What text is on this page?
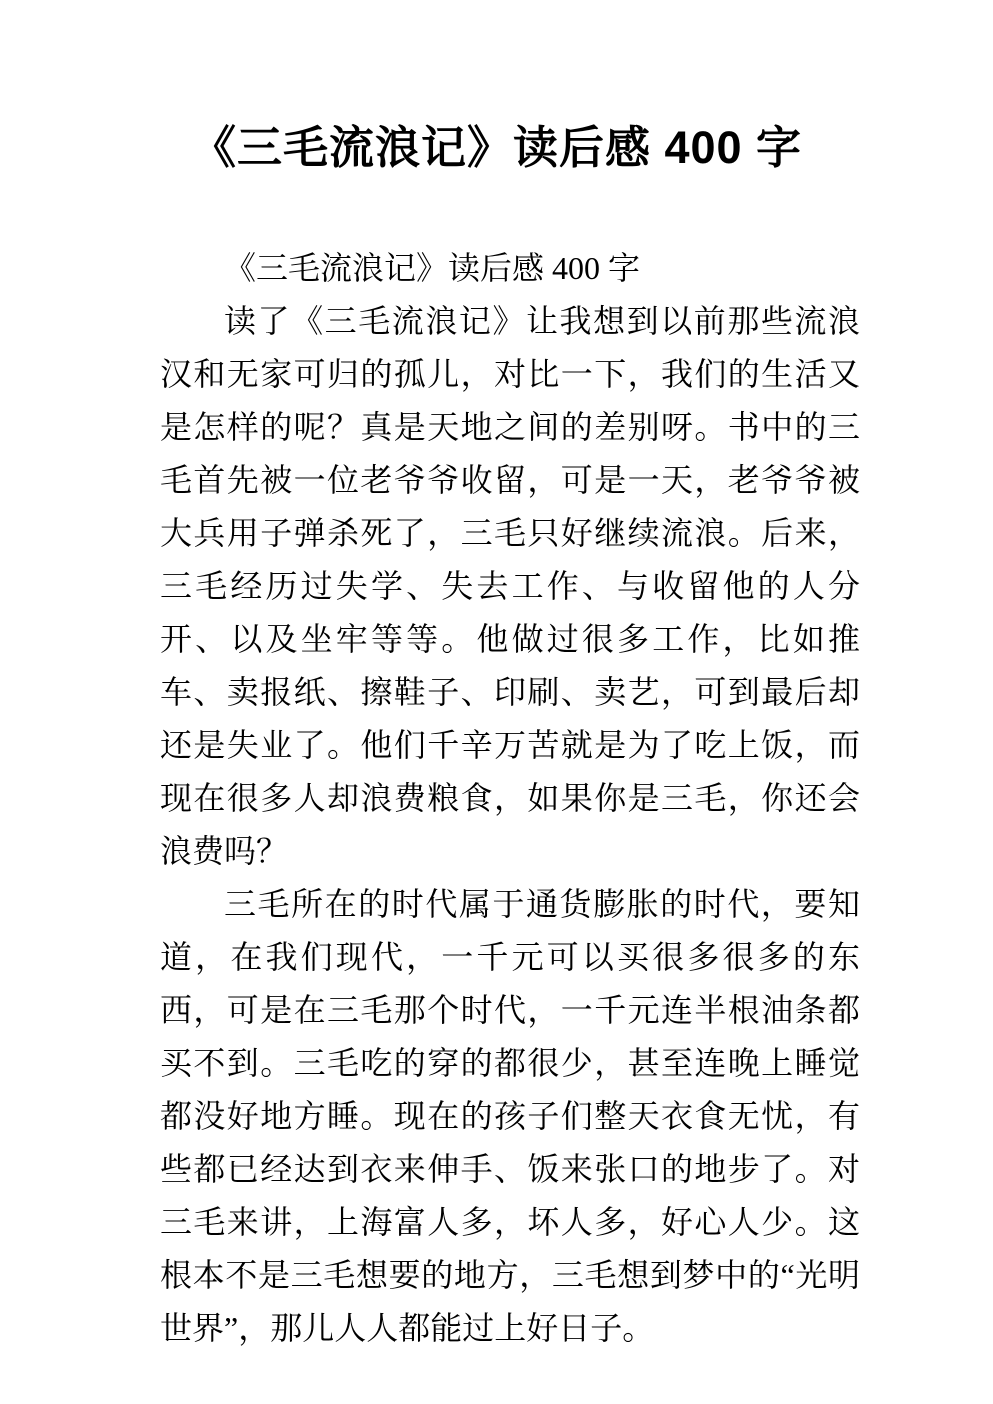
《三毛流浪记》读后感 400 字

《三毛流浪记》读后感 400 字

读了《三毛流浪记》让我想到以前那些流浪汉和无家可归的孤儿，对比一下，我们的生活又是怎样的呢？真是天地之间的差别呀。书中的三毛首先被一位老爷爷收留，可是一天，老爷爷被大兵用子弹杀死了，三毛只好继续流浪。后来，三毛经历过失学、失去工作、与收留他的人分开、以及坐牢等等。他做过很多工作，比如推车、卖报纸、擦鞋子、印刷、卖艺，可到最后却还是失业了。他们千辛万苦就是为了吃上饭，而现在很多人却浪费粮食，如果你是三毛，你还会浪费吗？

三毛所在的时代属于通货膨胀的时代，要知道，在我们现代，一千元可以买很多很多的东西，可是在三毛那个时代，一千元连半根油条都买不到。三毛吃的穿的都很少，甚至连晚上睡觉都没好地方睡。现在的孩子们整天衣食无忧，有些都已经达到衣来伸手、饭来张口的地步了。对三毛来讲，上海富人多，坏人多，好心人少。这根本不是三毛想要的地方，三毛想到梦中的“光明世界”，那儿人人都能过上好日子。
